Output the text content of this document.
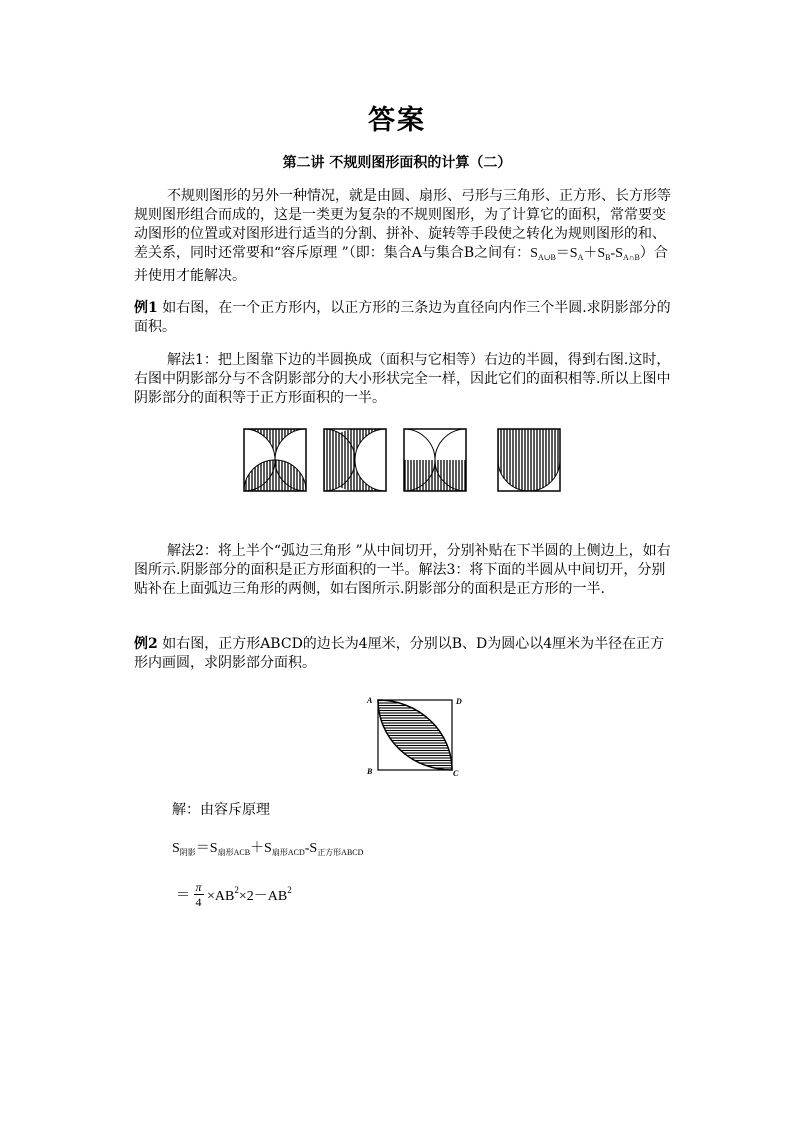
答案
第二讲 不规则图形面积的计算（二）
不规则图形的另外一种情况，就是由圆、扇形、弓形与三角形、正方形、长方形等规则图形组合而成的，这是一类更为复杂的不规则图形，为了计算它的面积，常常要变动图形的位置或对图形进行适当的分割、拼补、旋转等手段使之转化为规则图形的和、差关系，同时还常要和“容斥原理 ”（即：集合A与集合B之间有：$S_{A\cup B}=S_A+S_B-S_{A\cap B}$）合并使用才能解决。
例1 如右图，在一个正方形内，以正方形的三条边为直径向内作三个半圆.求阴影部分的面积。
解法1：把上图靠下边的半圆换成（面积与它相等）右边的半圆，得到右图.这时，右图中阴影部分与不含阴影部分的大小形状完全一样，因此它们的面积相等.所以上图中阴影部分的面积等于正方形面积的一半。
解法2：将上半个“弧边三角形 ”从中间切开，分别补贴在下半圆的上侧边上，如右图所示.阴影部分的面积是正方形面积的一半。解法3：将下面的半圆从中间切开，分别贴补在上面弧边三角形的两侧，如右图所示.阴影部分的面积是正方形的一半.
例2 如右图，正方形ABCD的边长为4厘米，分别以B、D为圆心以4厘米为半径在正方形内画圆，求阴影部分面积。
A	D
B	C
解：由容斥原理
$S_{阴影}=S_{扇形ACB}+S_{扇形ACD}-S_{正方形ABCD}$
＝ $\frac{\pi}{4} \times AB^2\times 2-AB^2$
